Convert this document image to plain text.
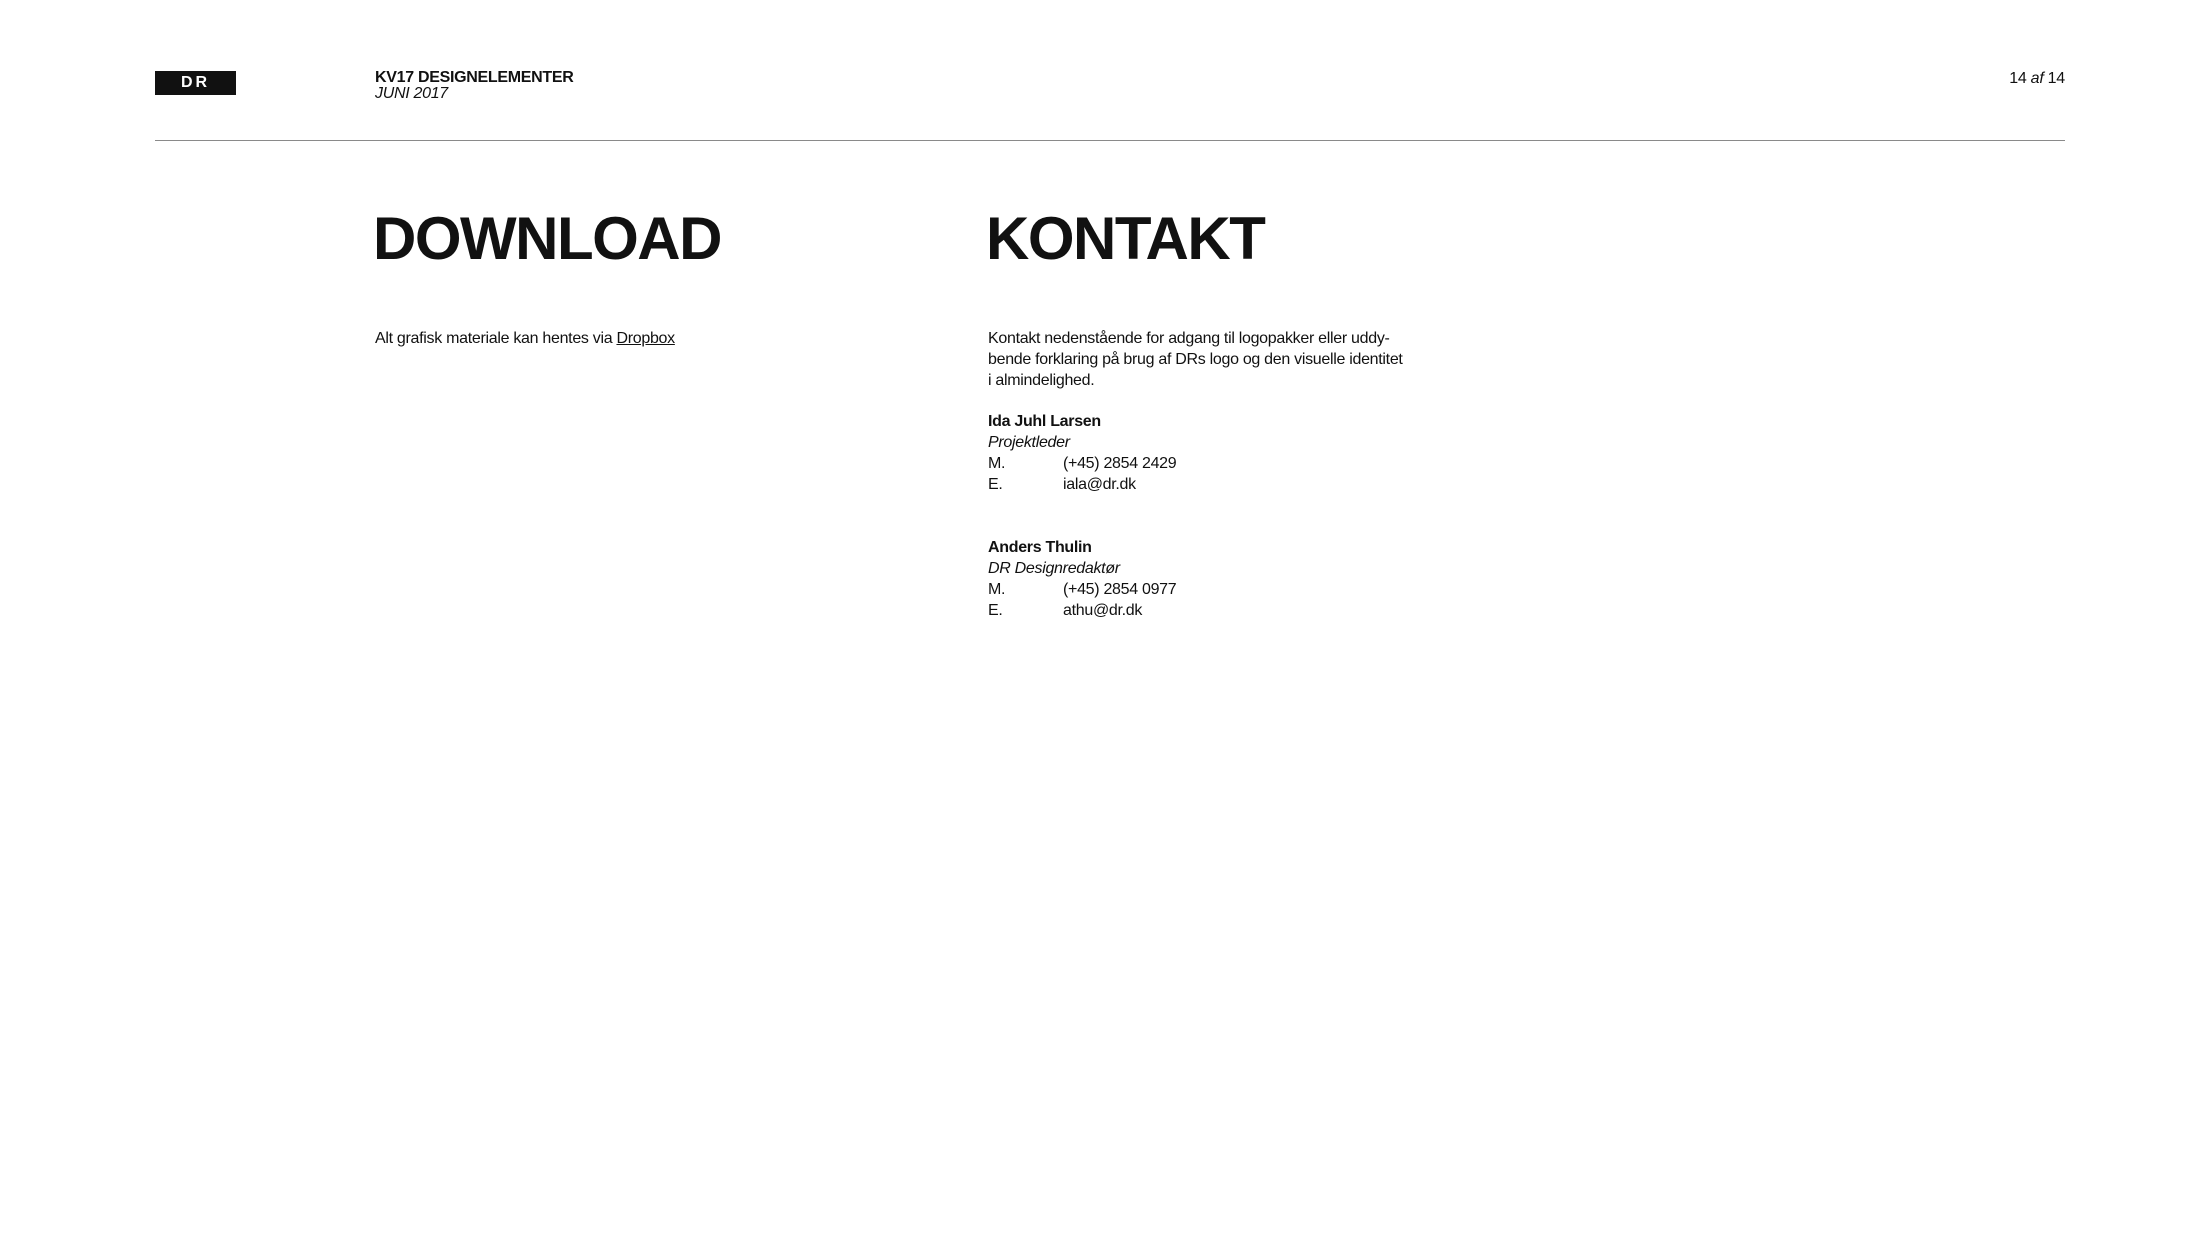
DR	KV17 DESIGNELEMENTER
JUNI 2017
14 af 14
DOWNLOAD
Alt grafisk materiale kan hentes via Dropbox
KONTAKT
Kontakt nedenstående for adgang til logopakker eller uddy-
bende forklaring på brug af DRs logo og den visuelle identitet
i almindelighed.
Ida Juhl Larsen
Projektleder
M.	(+45) 2854 2429
E.	iala@dr.dk
Anders Thulin
DR Designredaktør
M.	(+45) 2854 0977
E.	athu@dr.dk
